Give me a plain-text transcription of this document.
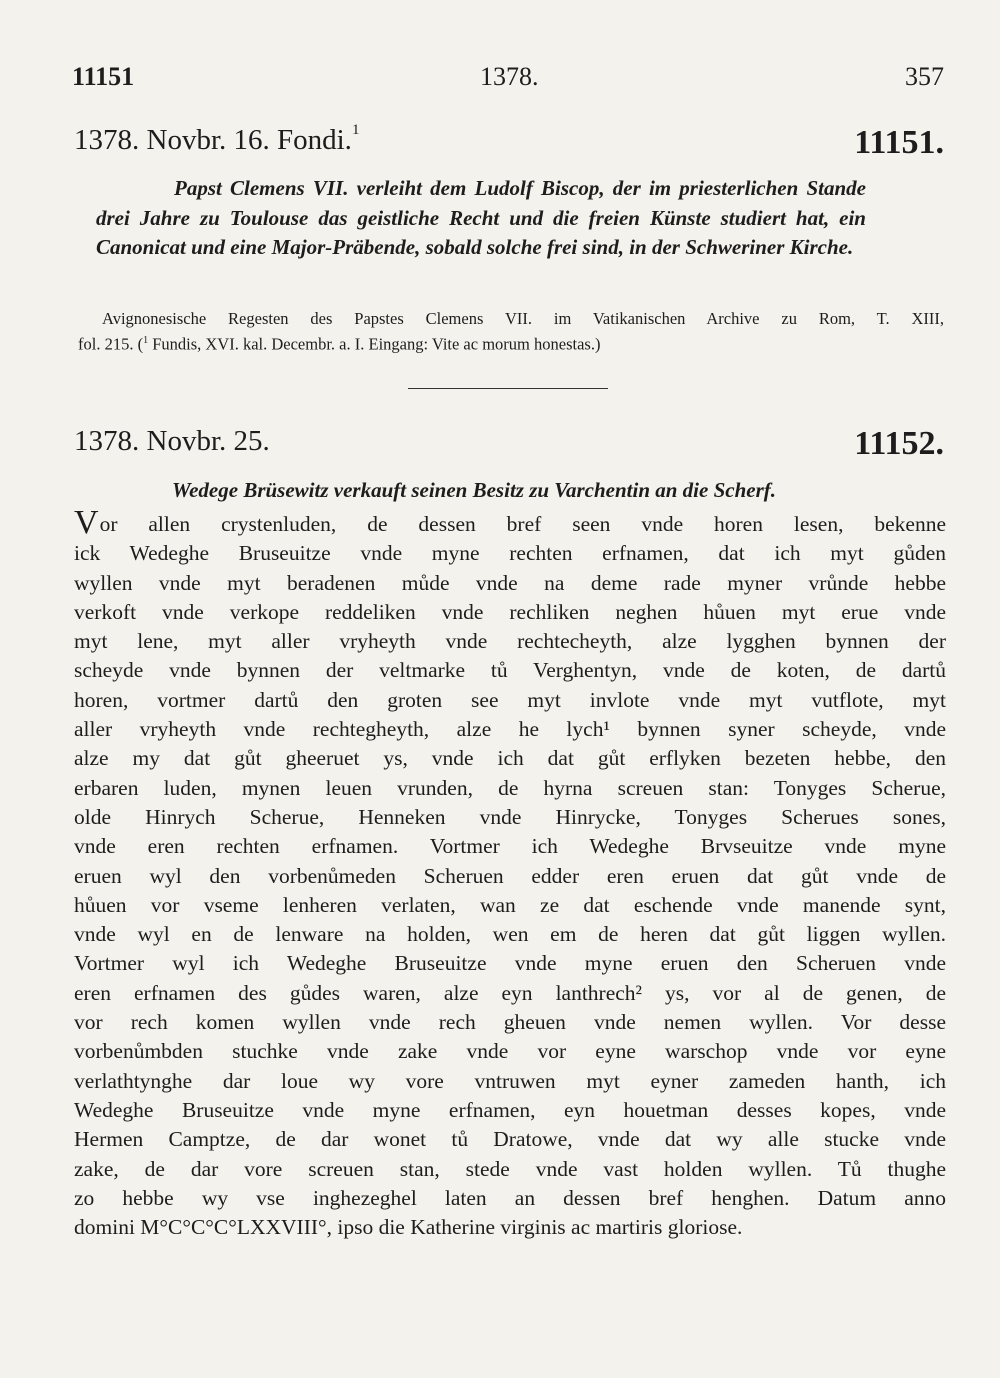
11151	1378.	357
1378. Novbr. 16. Fondi.$^1$	11151.
Papst Clemens VII. verleiht dem Ludolf Biscop, der im priesterlichen Stande drei Jahre zu Toulouse das geistliche Recht und die freien Künste studiert hat, ein Canonicat und eine Major-Präbende, sobald solche frei sind, in der Schweriner Kirche.
Avignonesische Regesten des Papstes Clemens VII. im Vatikanischen Archive zu Rom, T. XIII,
fol. 215. ($^1$ Fundis, XVI. kal. Decembr. a. I. Eingang: Vite ac morum honestas.)
1378. Novbr. 25.	11152.
Wedege Brüsewitz verkauft seinen Besitz zu Varchentin an die Scherf.
Vor allen crystenluden, de dessen bref seen vnde horen lesen, bekenne
ick Wedeghe Bruseuitze vnde myne rechten erfnamen, dat ich myt gůden
wyllen vnde myt beradenen můde vnde na deme rade myner vrůnde hebbe
verkoft vnde verkope reddeliken vnde rechliken neghen hůuen myt erue vnde
myt lene, myt aller vryheyth vnde rechtecheyth, alze lygghen bynnen der
scheyde vnde bynnen der veltmarke tů Verghentyn, vnde de koten, de dartů
horen, vortmer dartů den groten see myt invlote vnde myt vutflote, myt
aller vryheyth vnde rechtegheyth, alze he lych¹ bynnen syner scheyde, vnde
alze my dat gůt gheeruet ys, vnde ich dat gůt erflyken bezeten hebbe, den
erbaren luden, mynen leuen vrunden, de hyrna screuen stan: Tonyges Scherue,
olde Hinrych Scherue, Henneken vnde Hinrycke, Tonyges Scherues sones,
vnde eren rechten erfnamen. Vortmer ich Wedeghe Brvseuitze vnde myne
eruen wyl den vorbenůmeden Scheruen edder eren eruen dat gůt vnde de
hůuen vor vseme lenheren verlaten, wan ze dat eschende vnde manende synt,
vnde wyl en de lenware na holden, wen em de heren dat gůt liggen wyllen.
Vortmer wyl ich Wedeghe Bruseuitze vnde myne eruen den Scheruen vnde
eren erfnamen des gůdes waren, alze eyn lanthrech² ys, vor al de genen, de
vor rech komen wyllen vnde rech gheuen vnde nemen wyllen. Vor desse
vorbenůmbden stuchke vnde zake vnde vor eyne warschop vnde vor eyne
verlathtynghe dar loue wy vore vntruwen myt eyner zameden hanth, ich
Wedeghe Bruseuitze vnde myne erfnamen, eyn houetman desses kopes, vnde
Hermen Camptze, de dar wonet tů Dratowe, vnde dat wy alle stucke vnde
zake, de dar vore screuen stan, stede vnde vast holden wyllen. Tů thughe
zo hebbe wy vse inghezeghel laten an dessen bref henghen. Datum anno
domini M°C°C°C°LXXVIII°, ipso die Katherine virginis ac martiris gloriose.
